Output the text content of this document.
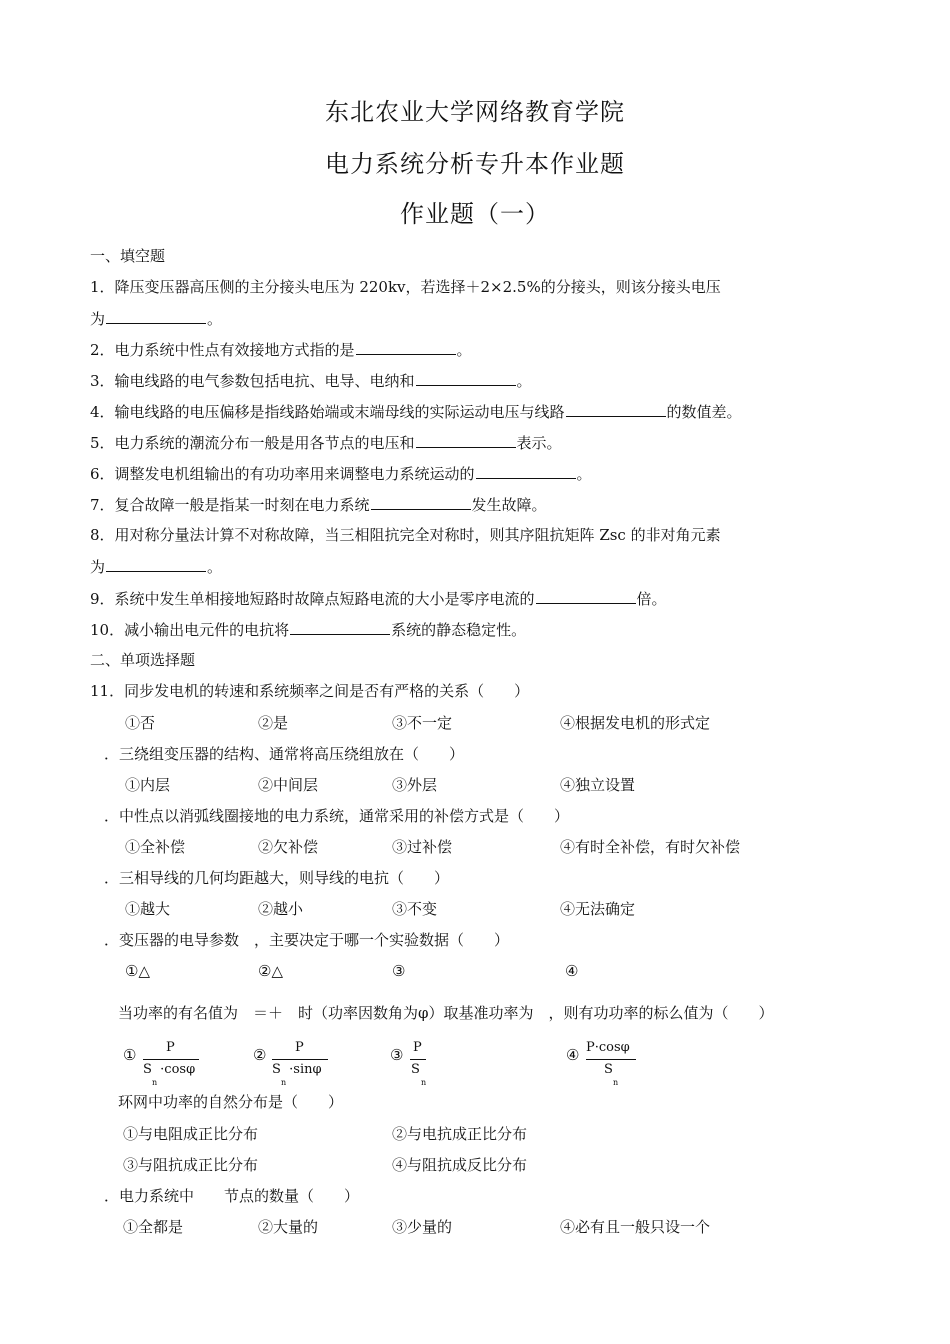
东北农业大学网络教育学院
电力系统分析专升本作业题
作业题（一）
一、填空题
1．降压变压器高压侧的主分接头电压为 220kv，若选择＋2×2.5%的分接头，则该分接头电压
为	。
2．电力系统中性点有效接地方式指的是	。
3．输电线路的电气参数包括电抗、电导、电纳和	。
4．输电线路的电压偏移是指线路始端或末端母线的实际运动电压与线路	的数值差。
5．电力系统的潮流分布一般是用各节点的电压和	表示。
6．调整发电机组输出的有功功率用来调整电力系统运动的	。
7．复合故障一般是指某一时刻在电力系统	发生故障。
8．用对称分量法计算不对称故障，当三相阻抗完全对称时，则其序阻抗矩阵 Zsc 的非对角元素
为	。
9．系统中发生单相接地短路时故障点短路电流的大小是零序电流的	倍。
10．减小输出电元件的电抗将	系统的静态稳定性。
二、单项选择题
11．同步发电机的转速和系统频率之间是否有严格的关系（　　）
①否	②是	③不一定	④根据发电机的形式定
．三绕组变压器的结构、通常将高压绕组放在（　　）
①内层	②中间层	③外层	④独立设置
．中性点以消弧线圈接地的电力系统，通常采用的补偿方式是（　　）
①全补偿	②欠补偿	③过补偿	④有时全补偿，有时欠补偿
．三相导线的几何均距越大，则导线的电抗（　　）
①越大	②越小	③不变	④无法确定
．变压器的电导参数　，主要决定于哪一个实验数据（　　）
①△	②△	③	④
当功率的有名值为　＝＋　时（功率因数角为φ）取基准功率为　，则有功功率的标么值为（　　）
① P
S ·cosφ
n
② P
S ·sinφ
n
③ P
S
n
④ P·cosφ
S
n
环网中功率的自然分布是（　　）
①与电阻成正比分布	②与电抗成正比分布
③与阻抗成正比分布	④与阻抗成反比分布
．电力系统中　　节点的数量（　　）
①全都是	②大量的	③少量的	④必有且一般只设一个
